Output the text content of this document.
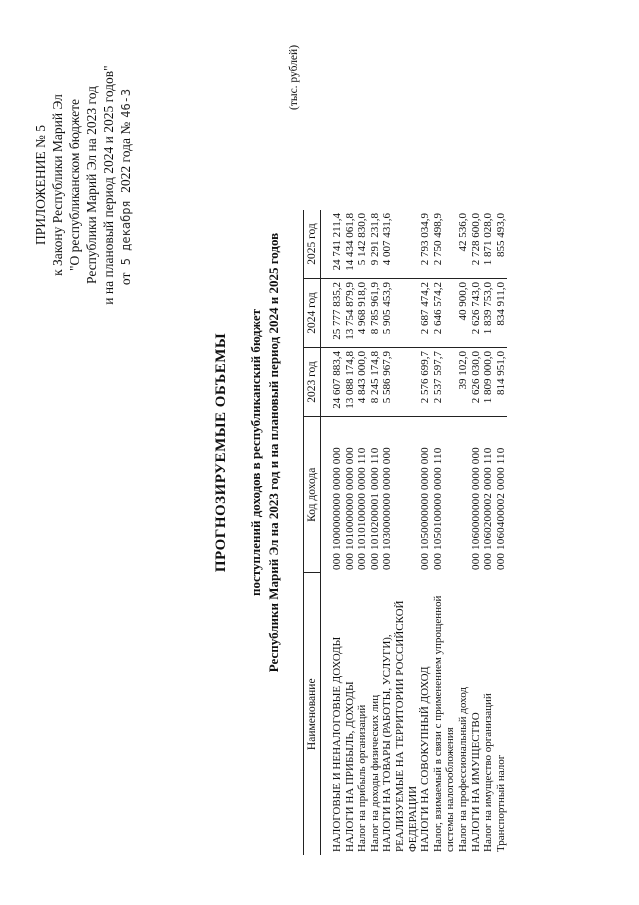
ПРИЛОЖЕНИЕ № 5 к Закону Республики Марий Эл "О республиканском бюджете Республики Марий Эл на 2023 год и на плановый период 2024 и 2025 годов" от 5 декабря 2022 года №46-З
ПРОГНОЗИРУЕМЫЕ ОБЪЕМЫ поступлений доходов в республиканский бюджет Республики Марий Эл на 2023 год и на плановый период 2024 и 2025 годов
(тыс. рублей)
Наименование	Код дохода	2023 год	2024 год	2025 год

НАЛОГОВЫЕ И НЕНАЛОГОВЫЕ ДОХОДЫ	000 1000000000 0000 000	24 607 883,4	25 777 835,2	24 741 211,4
НАЛОГИ НА ПРИБЫЛЬ, ДОХОДЫ	000 1010000000 0000 000	13 088 174,8	13 754 879,9	14 434 061,8
Налог на прибыль организаций	000 1010100000 0000 110	4 843 000,0	4 968 918,0	5 142 830,0
Налог на доходы физических лиц	000 1010200001 0000 110	8 245 174,8	8 785 961,9	9 291 231,8
НАЛОГИ НА ТОВАРЫ (РАБОТЫ, УСЛУГИ), РЕАЛИЗУЕМЫЕ НА ТЕРРИТОРИИ РОССИЙСКОЙ ФЕДЕРАЦИИ	000 1030000000 0000 000	5 586 967,9	5 905 453,9	4 007 431,6
НАЛОГИ НА СОВОКУПНЫЙ ДОХОД	000 1050000000 0000 000	2 576 699,7	2 687 474,2	2 793 034,9
Налог, взимаемый в связи с применением упрощенной системы налогообложения	000 1050100000 0000 110	2 537 597,7	2 646 574,2	2 750 498,9
Налог на профессиональный доход		39 102,0	40 900,0	42 536,0
НАЛОГИ НА ИМУЩЕСТВО	000 1060000000 0000 000	2 626 030,0	2 626 743,0	2 728 600,0
Налог на имущество организаций	000 1060200002 0000 110	1 809 000,0	1 839 753,0	1 871 028,0
Транспортный налог	000 1060400002 0000 110	814 951,0	834 911,0	855 493,0
